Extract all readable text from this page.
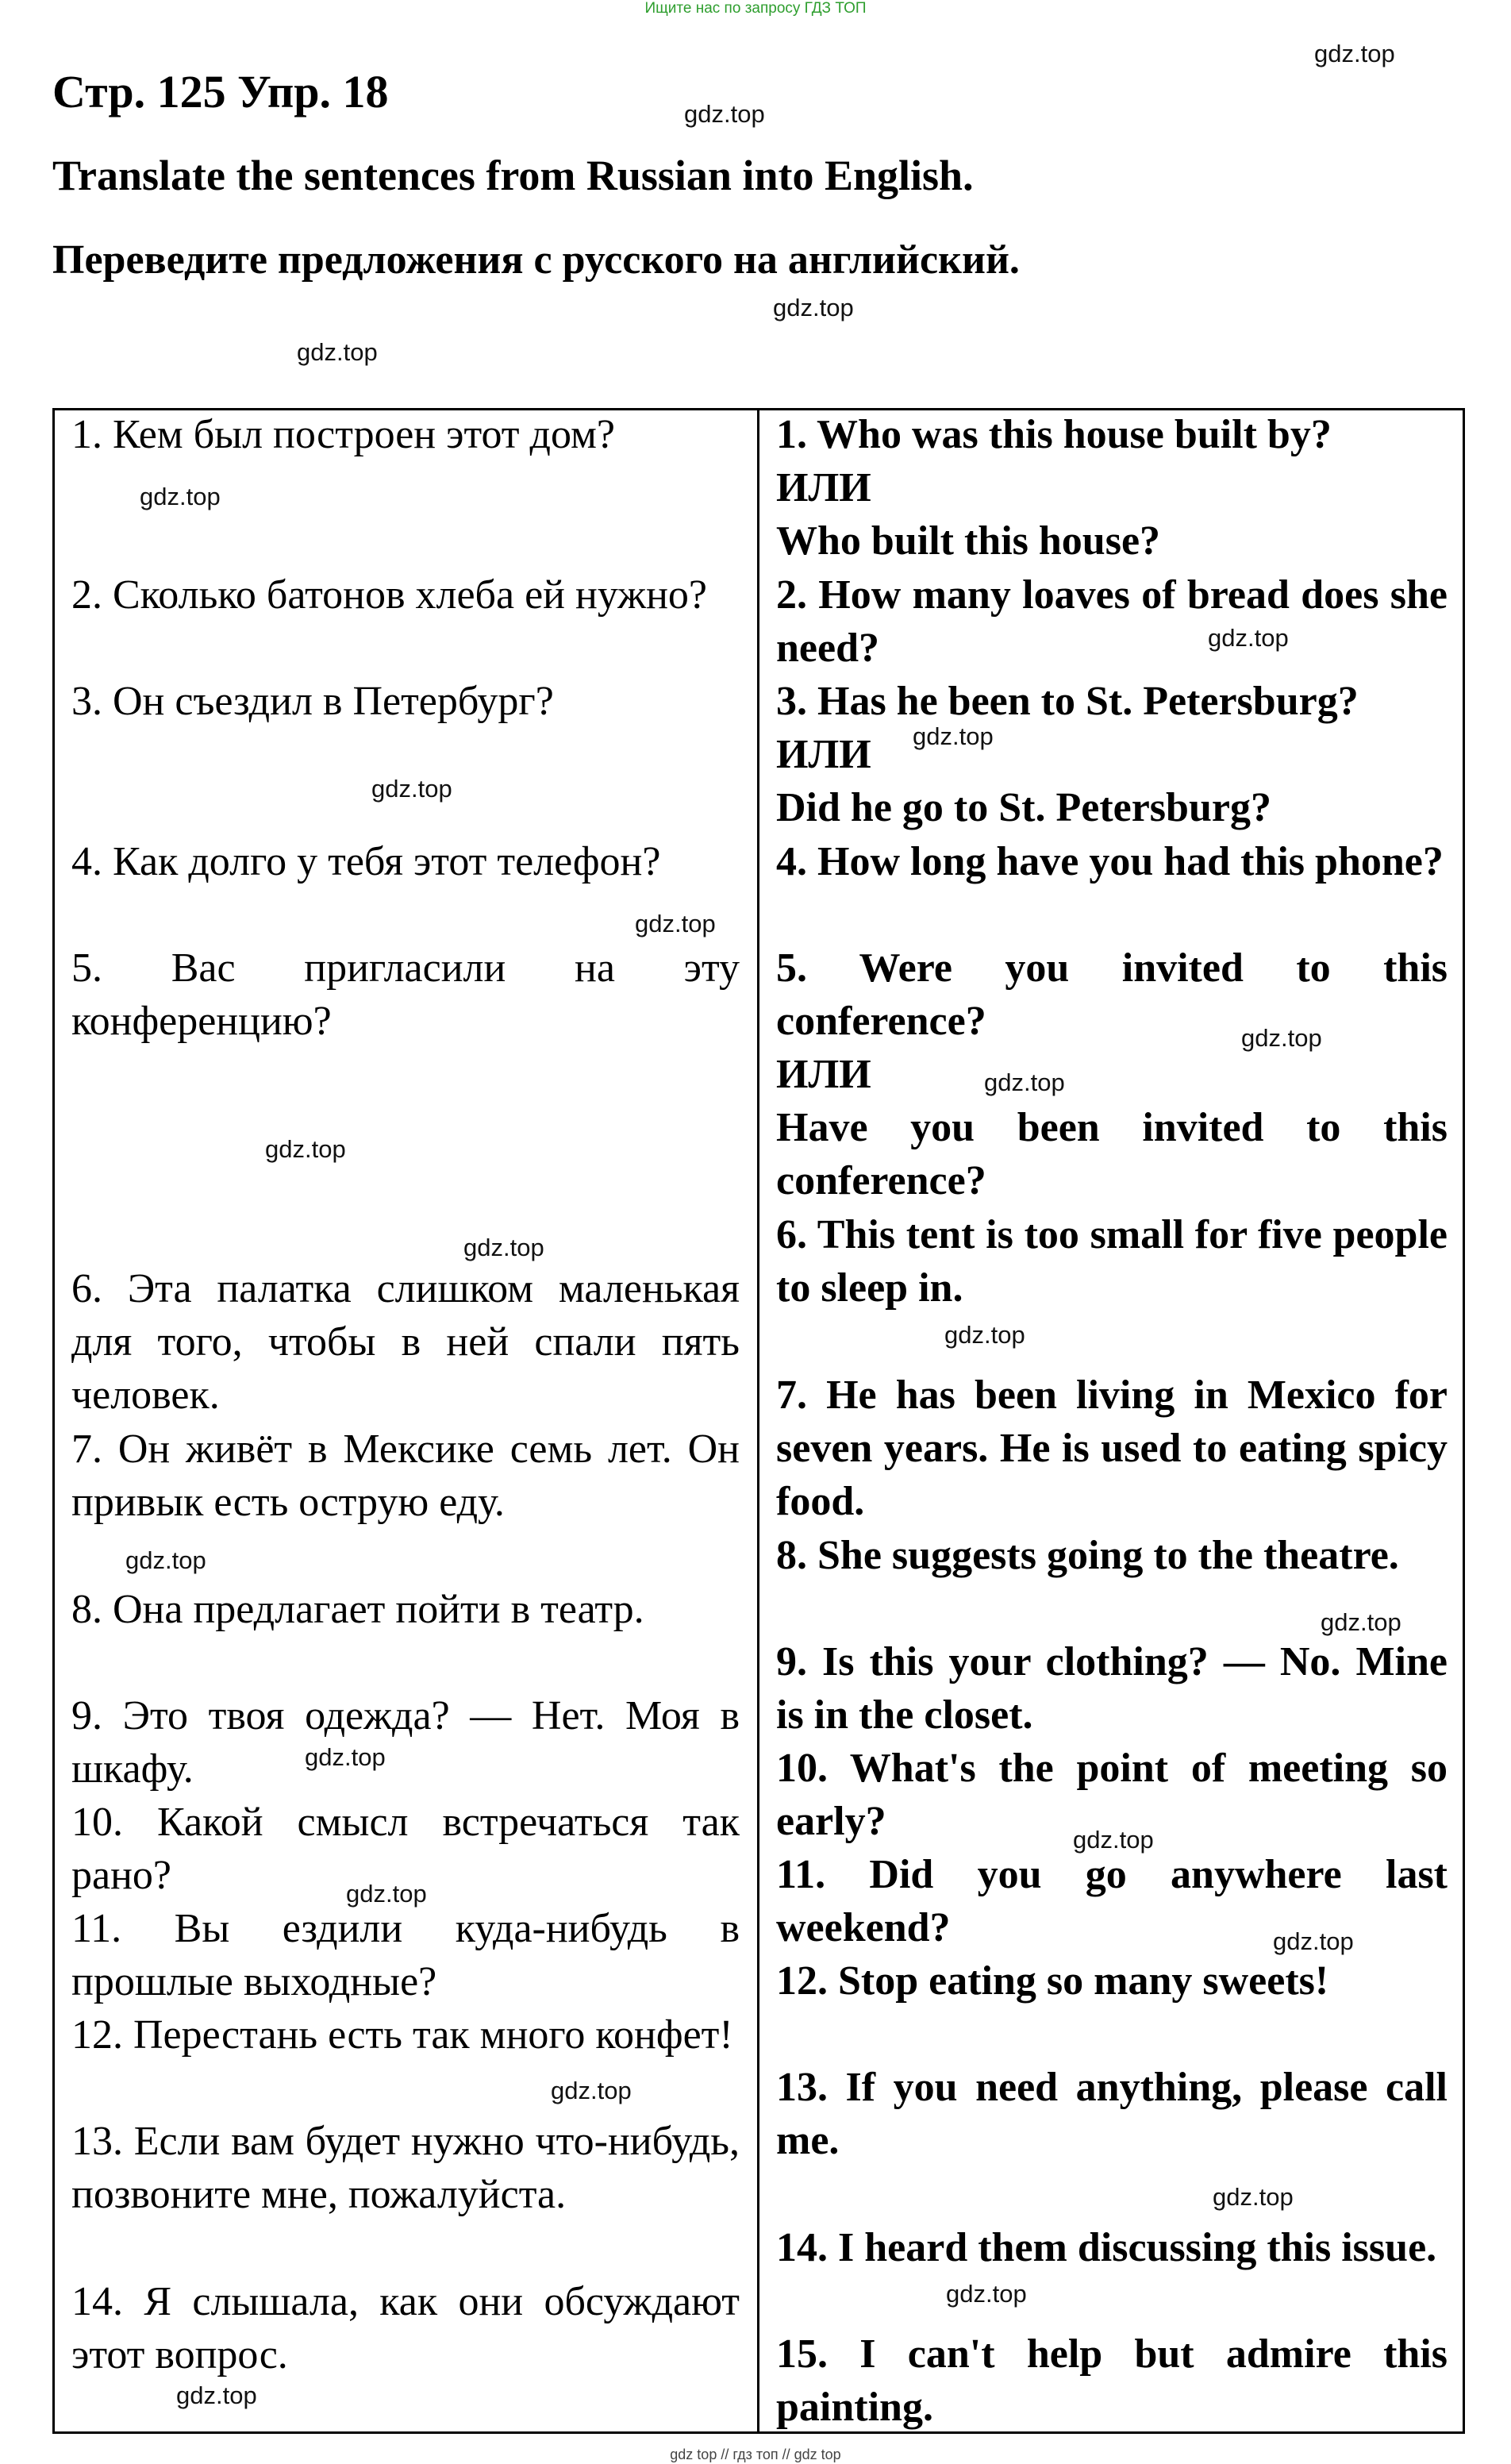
Ищите нас по запросу ГДЗ ТОП
Стр. 125 Упр. 18
Translate the sentences from Russian into English.
Переведите предложения с русского на английский.
gdz.top
gdz.top
gdz.top
gdz.top
gdz.top
gdz.top
gdz.top
gdz.top
gdz.top
gdz.top
gdz.top
gdz.top
gdz.top
gdz.top
gdz.top
gdz.top
gdz.top
gdz.top
gdz.top
gdz.top
gdz.top
gdz.top
gdz.top
gdz.top
1. Кем был построен этот дом?
2. Сколько батонов хлеба ей нужно?
3. Он съездил в Петербург?
4. Как долго у тебя этот телефон?
5. Вас пригласили на эту конференцию?
6. Эта палатка слишком маленькая для того, чтобы в ней спали пять человек.
7. Он живёт в Мексике семь лет. Он привык есть острую еду.
8. Она предлагает пойти в театр.
9. Это твоя одежда? — Нет. Моя в шкафу.
10. Какой смысл встречаться так рано?
11. Вы ездили куда-нибудь в прошлые выходные?
12. Перестань есть так много конфет!
13. Если вам будет нужно что-нибудь, позвоните мне, пожалуйста.
14. Я слышала, как они обсуждают этот вопрос.
1. Who was this house built by?
ИЛИ
Who built this house?
2. How many loaves of bread does she need?
3. Has he been to St. Petersburg?
ИЛИ
Did he go to St. Petersburg?
4. How long have you had this phone?
5. Were you invited to this conference?
ИЛИ
Have you been invited to this conference?
6. This tent is too small for five people to sleep in.
7. He has been living in Mexico for seven years. He is used to eating spicy food.
8. She suggests going to the theatre.
9. Is this your clothing? — No. Mine is in the closet.
10. What's the point of meeting so early?
11. Did you go anywhere last weekend?
12. Stop eating so many sweets!
13. If you need anything, please call me.
14. I heard them discussing this issue.
15. I can't help but admire this painting.
gdz top // гдз топ // gdz top
